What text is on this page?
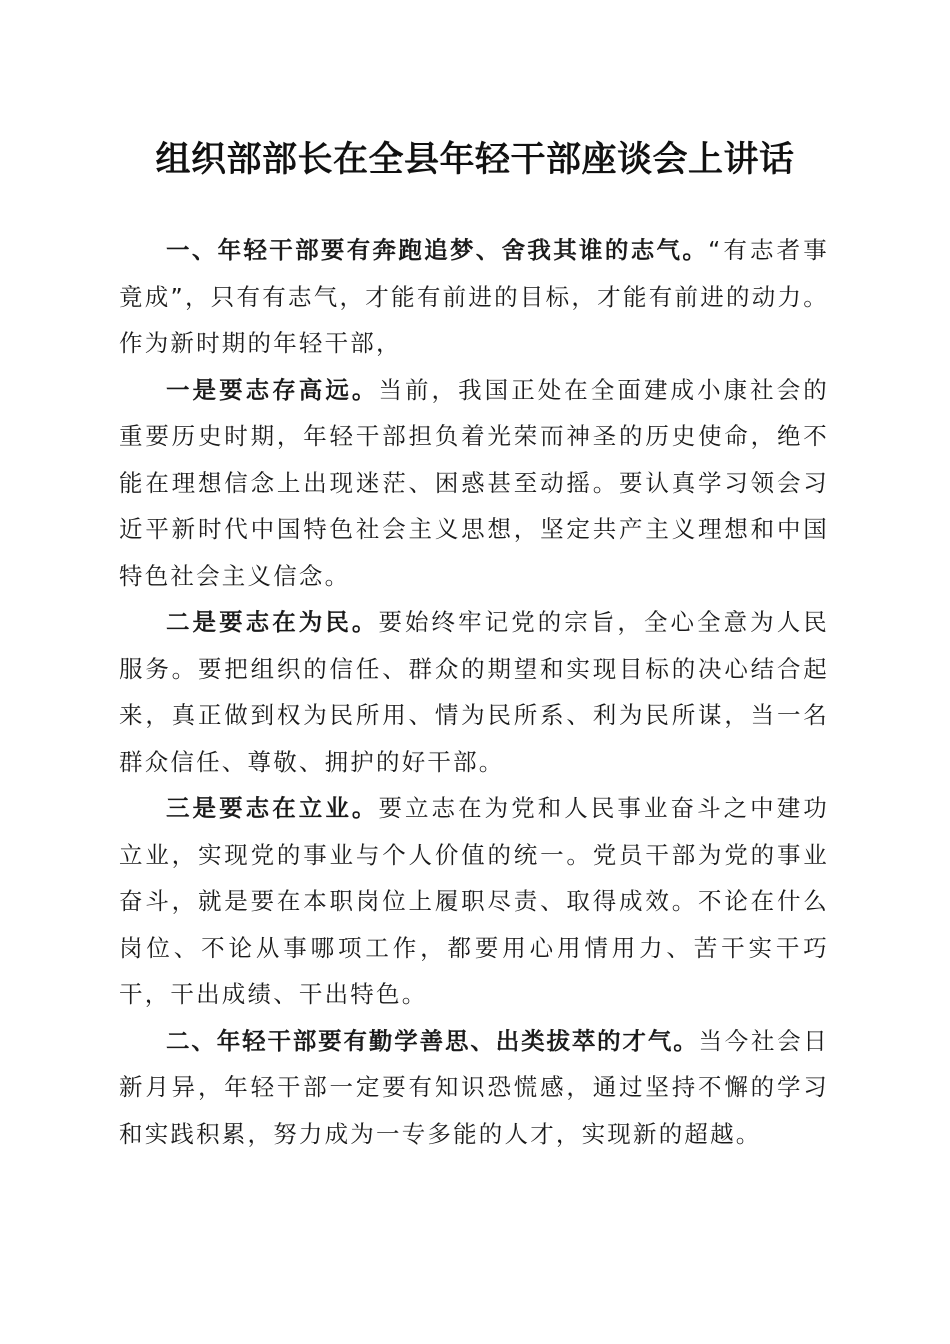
组织部部长在全县年轻干部座谈会上讲话

一、年轻干部要有奔跑追梦、舍我其谁的志气。“有志者事竟成”，只有有志气，才能有前进的目标，才能有前进的动力。作为新时期的年轻干部，

一是要志存高远。当前，我国正处在全面建成小康社会的重要历史时期，年轻干部担负着光荣而神圣的历史使命，绝不能在理想信念上出现迷茫、困惑甚至动摇。要认真学习领会习近平新时代中国特色社会主义思想，坚定共产主义理想和中国特色社会主义信念。

二是要志在为民。要始终牢记党的宗旨，全心全意为人民服务。要把组织的信任、群众的期望和实现目标的决心结合起来，真正做到权为民所用、情为民所系、利为民所谋，当一名群众信任、尊敬、拥护的好干部。

三是要志在立业。要立志在为党和人民事业奋斗之中建功立业，实现党的事业与个人价值的统一。党员干部为党的事业奋斗，就是要在本职岗位上履职尽责、取得成效。不论在什么岗位、不论从事哪项工作，都要用心用情用力、苦干实干巧干，干出成绩、干出特色。

二、年轻干部要有勤学善思、出类拔萃的才气。当今社会日新月异，年轻干部一定要有知识恐慌感，通过坚持不懈的学习和实践积累，努力成为一专多能的人才，实现新的超越。
